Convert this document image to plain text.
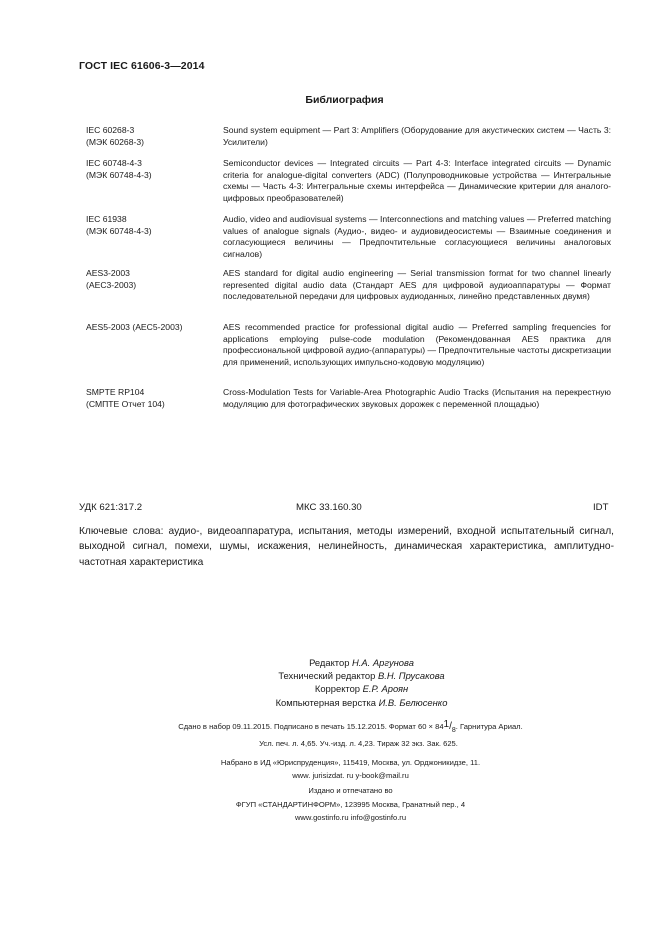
ГОСТ IEC 61606-3—2014
Библиография
IEC 60268-3
(МЭК 60268-3)
Sound system equipment — Part 3: Amplifiers (Оборудование для акустических систем — Часть 3: Усилители)
IEC 60748-4-3
(МЭК 60748-4-3)
Semiconductor devices — Integrated circuits — Part 4-3: Interface integrated circuits — Dynamic criteria for analogue-digital converters (ADC) (Полупроводниковые устройства — Интегральные схемы — Часть 4-3: Интегральные схемы интерфейса — Динамические критерии для аналого-цифровых преобразователей)
IEC 61938
(МЭК 60748-4-3)
Audio, video and audiovisual systems — Interconnections and matching values — Preferred matching values of analogue signals (Аудио-, видео- и аудиовидеосистемы — Взаимные соединения и согласующиеся величины — Предпочтительные согласующиеся величины аналоговых сигналов)
AES3-2003
(АЕС3-2003)
AES standard for digital audio engineering — Serial transmission format for two channel linearly represented digital audio data (Стандарт AES для цифровой аудиоаппаратуры — Формат последовательной передачи для цифровых аудиоданных, линейно представленных двумя)
AES5-2003 (АЕС5-2003)	AES recommended practice for professional digital audio — Preferred sampling frequencies for applications employing pulse-code modulation (Рекомендованная AES практика для профессиональной цифровой аудио-(аппаратуры) — Предпочтительные частоты дискретизации для применений, использующих импульсно-кодовую модуляцию)
SMPTE RP104
(СМПТЕ Отчет 104)
Cross-Modulation Tests for Variable-Area Photographic Audio Tracks (Испытания на перекрестную модуляцию для фотографических звуковых дорожек с переменной площадью)
УДК 621:317.2	МКС 33.160.30	IDT
Ключевые слова: аудио-, видеоаппаратура, испытания, методы измерений, входной испытательный сигнал, выходной сигнал, помехи, шумы, искажения, нелинейность, динамическая характеристика, амплитудно-частотная характеристика
Редактор Н.А. Аргунова
Технический редактор В.Н. Прусакова
Корректор Е.Р. Ароян
Компьютерная верстка И.В. Белюсенко
Сдано в набор 09.11.2015. Подписано в печать 15.12.2015. Формат $60 \times 84^1/_8$. Гарнитура Ариал.
Усл. печ. л. 4,65. Уч.-изд. л. 4,23. Тираж 32 экз. Зак. 625.
Набрано в ИД «Юриспруденция», 115419, Москва, ул. Орджоникидзе, 11.
www. jurisizdat. ru y-book@mail.ru
Издано и отпечатано во
ФГУП «СТАНДАРТИНФОРМ», 123995 Москва, Гранатный пер., 4
www.gostinfo.ru info@gostinfo.ru
